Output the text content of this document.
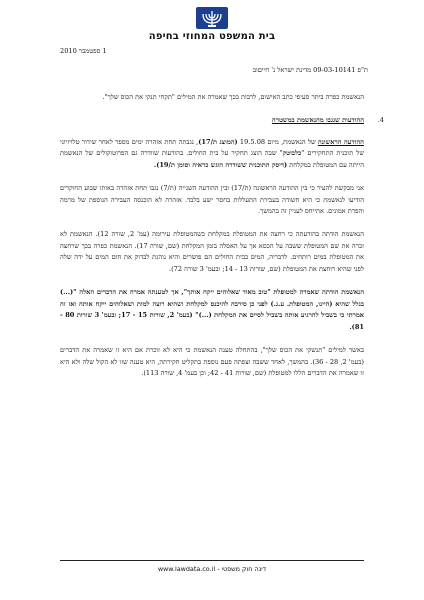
בית המשפט המחוזי בחיפה
1 ספטמבר 2010
ת"פ 09-03-10141 מדינת ישראל נ' חייםוב

הנאשמת כפרה ביתר סעיפי כתב האישום, לרבות בכך שאמרה את המילים "תקחי תנקי את הכוס שלך".

4.
ההודעות שנגבו מהנאשמת במשטרה

ההודעה הראשונה של הנאשמת, מיום 19.5.08 (המוצג ת/17), נגבתה תחת אזהרה ימים מספר לאחר שידור טלויזיוני של תוכנית התחקירים "כלבוטק" שבה הוצג תחקיר על בית החולים. בהודעות שוודרה גם הפרוטוקולים של הנאשמת הייתה עם המטופלת במקלחת (דיסק התוכנית ששודרה הוגש כראיה וסומן ת/19).

אני מבקשת להעיר כי בין ההודעה הראשונה (ת/17) ובין ההודעה השנייה (ת/7) נגבו תחת אזהרה באותו שבוע החוקרים הודיעו לנאשמת כי היא חשודה בעבירת התעללות בחסר ישע בלבד. אזהרה לא הוכנסה העבירה הנוספת של מרמה והפרת אמונים. אתייחס לעניין זה בהמשך.

הנאשמת הודתה בהודעתה כי רחצה את המטופלת במקלחת כשהמטופלת עירומה (עמ' 2, שורה 12). הנאשמת לא זכרה את שם המטופלת ששבה על הכסא אך על האסלה בזמן המקלחת (שם, שורה 17). הנאשמת כפרה בכך שרחצה את המטופלת במים רותחים. לדבריה, המים בבית החולים הם פושרים והיא נוהגת לבדוק את חום המים על ידה שלה לפני שהיא רוחצת את המטופלת (שם, שורות 13 - 14; ובעמ' 3 שורה 72).

הנאשמת הודתה שאמרה למטופלת "טוב מאוד שאלוהים ייקח אותך", אך לטענתה אמרה את הדברים האלה "(...) בגלל שהיא (היינו, המטופלת. ע.ג.) לפני כן סירבה להיכנס למקלחת ושהיא רוצה למות ושאלוהים ייקח אותה ואז זה אמרתי כי בשביל להרגיע אותה בשביל לסיים את המקלחת (...)" (בעמ' 2, שורות 15 - 17; ובעמ' 3 שורות 80 - 81).

באשר למילים "תנשקי את הכוס שלך", בהתחלה טענה הנאשמת כי היא לא זוכרת אם היא זו שאמרה את הדברים (בעמ' 2, 28 - 36). בהמשך, לאחר ששבה וצפתה פעם נוספת בתקליט חקירתה, היא טענה שזו לא הקול שלה ולא היא זו שאמרה את הדברים הללו למטופלת (שם, שורות 41 - 42; וכן בעמ' 4, שורה 113).

דינה חוק משפטי - www.lawdata.co.il
